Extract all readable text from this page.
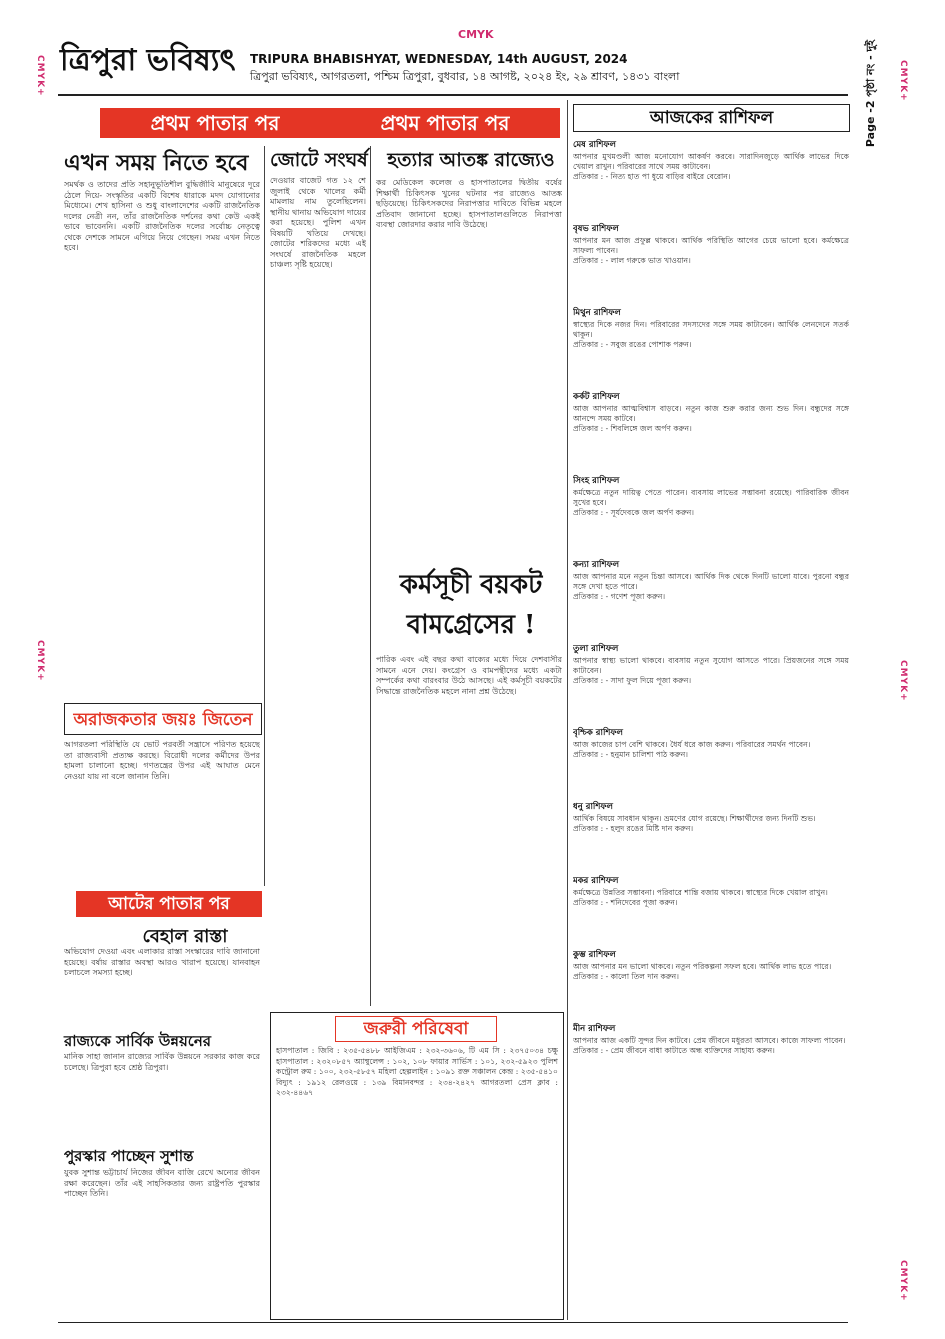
CMYK
CMYK+
CMYK+
CMYK+
CMYK+
CMYK+
ত্রিপুরা ভবিষ্যৎ TRIPURA BHABISHYAT, WEDNESDAY, 14th AUGUST, 2024
ত্রিপুরা ভবিষ্যৎ, আগরতলা, পশ্চিম ত্রিপুরা, বুধবার, ১৪ আগষ্ট, ২০২৪ ইং, ২৯ শ্রাবণ, ১৪৩১ বাংলা	Page -2 পৃষ্ঠা নং - দুই
প্রথম পাতার পর	প্রথম পাতার পর	আজকের রাশিফল
এখন সময় নিতে হবে
সমর্থক ও তাদের প্রতি সহানুভূতিশীল বুদ্ধিজীবি মানুষেরে দূরে ঠেলে দিয়ে- সংস্কৃতির একটি বিশেষ ধারাকে মদদ যোগানোর মিধ্যেমে। শেখ হাসিনা ও শুধু বাংলাদেশের একটি রাজনৈতিক দলের নেত্রী নন, তাঁর রাজনৈতিক দর্শনের কথা কেউ একই ভাবে ভাবেননি। একটি রাজনৈতিক দলের সর্বোচ্চ নেতৃত্বে থেকে দেশকে সামনে এগিয়ে নিয়ে গেছেন। সময় এখন নিতে হবে।
অরাজকতার জয়ঃ জিতেন
আগরতলা পরিস্থিতি যে ভোট পরবর্তী সন্ত্রাসে পরিণত হয়েছে তা রাজ্যবাসী প্রত্যক্ষ করছে। বিরোধী দলের কর্মীদের উপর হামলা চালানো হচ্ছে। গণতন্ত্রের উপর এই আঘাত মেনে নেওয়া যায় না বলে জানান তিনি।
আটের পাতার পর
বেহাল রাস্তা
অভিযোগ দেওয়া এবং এলাকার রাস্তা সংস্কারের দাবি জানানো হয়েছে। বর্ষায় রাস্তার অবস্থা আরও খারাপ হয়েছে। যানবাহন চলাচলে সমস্যা হচ্ছে।
রাজ্যকে সার্বিক উন্নয়নের
মানিক সাহা জানান রাজ্যের সার্বিক উন্নয়নে সরকার কাজ করে চলেছে। ত্রিপুরা হবে শ্রেষ্ঠ ত্রিপুরা।
পুরস্কার পাচ্ছেন সুশান্ত
যুবক সুশান্ত ভট্টাচার্য নিজের জীবন বাজি রেখে অন্যের জীবন রক্ষা করেছেন। তাঁর এই সাহসিকতার জন্য রাষ্ট্রপতি পুরস্কার পাচ্ছেন তিনি।
জোটে সংঘর্ষ
দেওয়ার বাজেট গত ১২ শে জুলাই থেকে খালের কর্মী মামলায় নাম তুলেছিলেন। স্থানীয় থানায় অভিযোগ দায়ের করা হয়েছে। পুলিশ এখন বিষয়টি খতিয়ে দেখছে। জোটের শরিকদের মধ্যে এই সংঘর্ষে রাজনৈতিক মহলে চাঞ্চল্য সৃষ্টি হয়েছে।
হত্যার আতঙ্ক রাজ্যেও
কর মেডিকেল কলেজ ও হাসপাতালের দ্বিতীয় বর্ষের শিক্ষার্থী চিকিৎসক খুনের ঘটনার পর রাজ্যেও আতঙ্ক ছড়িয়েছে। চিকিৎসকদের নিরাপত্তার দাবিতে বিভিন্ন মহলে প্রতিবাদ জানানো হচ্ছে। হাসপাতালগুলিতে নিরাপত্তা ব্যবস্থা জোরদার করার দাবি উঠেছে।
কর্মসূচী বয়কট বামগ্রেসের !
পারিক এবং এই বছর কথা বাক্যের মধ্যে দিয়ে দেশবাসীর সামনে এনে দেয়। কংগ্রেস ও বামপন্থীদের মধ্যে একটা সম্পর্কের কথা বারংবার উঠে আসছে। এই কর্মসূচী বয়কটের সিদ্ধান্তে রাজনৈতিক মহলে নানা প্রশ্ন উঠেছে।
জরুরী পরিষেবা
হাসপাতাল : জিবি : ২৩৫-৫৪৮৮ আইজিএম : ২৩২-৩৬০৬, টি এম সি : ২৩৭৫০৩৪ চক্ষু হাসপাতাল : ২৩২০৮৫৭ অ্যাম্বুলেন্স : ১০২, ১০৮ ফায়ার সার্ভিস : ১০১, ২৩২-৫৯২৩ পুলিশ কন্ট্রোল রুম : ১০০, ২৩২-৫৮৫৭ মহিলা হেল্পলাইন : ১০৯১ রক্ত সঞ্চালন কেন্দ্র : ২৩৫-৫৪১০ বিদ্যুৎ : ১৯১২ রেলওয়ে : ১৩৯ বিমানবন্দর : ২৩৪-২৪২৭ আগরতলা প্রেস ক্লাব : ২৩২-৪৪৬৭
মেষ রাশিফল
আপনার মুখমণ্ডলী আজ মনোযোগ আকর্ষণ করবে। সারাদিনজুড়ে আর্থিক লাভের দিকে খেয়াল রাখুন। পরিবারের সাথে সময় কাটাবেন।
প্রতিকার : - নিত্য হাত পা ধুয়ে বাড়ির বাইরে বেরোন।
বৃষভ রাশিফল
আপনার মন আজ প্রফুল্ল থাকবে। আর্থিক পরিস্থিতি আগের চেয়ে ভালো হবে। কর্মক্ষেত্রে সাফল্য পাবেন।
প্রতিকার : - লাল গরুকে ভাত খাওয়ান।
মিথুন রাশিফল
স্বাস্থ্যের দিকে নজর দিন। পরিবারের সদস্যদের সঙ্গে সময় কাটাবেন। আর্থিক লেনদেনে সতর্ক থাকুন।
প্রতিকার : - সবুজ রঙের পোশাক পরুন।
কর্কট রাশিফল
আজ আপনার আত্মবিশ্বাস বাড়বে। নতুন কাজ শুরু করার জন্য শুভ দিন। বন্ধুদের সঙ্গে আনন্দে সময় কাটবে।
প্রতিকার : - শিবলিঙ্গে জল অর্পণ করুন।
সিংহ রাশিফল
কর্মক্ষেত্রে নতুন দায়িত্ব পেতে পারেন। ব্যবসায় লাভের সম্ভাবনা রয়েছে। পারিবারিক জীবন সুখের হবে।
প্রতিকার : - সূর্যদেবকে জল অর্পণ করুন।
কন্যা রাশিফল
আজ আপনার মনে নতুন চিন্তা আসবে। আর্থিক দিক থেকে দিনটি ভালো যাবে। পুরনো বন্ধুর সঙ্গে দেখা হতে পারে।
প্রতিকার : - গণেশ পূজা করুন।
তুলা রাশিফল
আপনার স্বাস্থ্য ভালো থাকবে। ব্যবসায় নতুন সুযোগ আসতে পারে। প্রিয়জনের সঙ্গে সময় কাটাবেন।
প্রতিকার : - সাদা ফুল দিয়ে পূজা করুন।
বৃশ্চিক রাশিফল
আজ কাজের চাপ বেশি থাকবে। ধৈর্য ধরে কাজ করুন। পরিবারের সমর্থন পাবেন।
প্রতিকার : - হনুমান চালিশা পাঠ করুন।
ধনু রাশিফল
আর্থিক বিষয়ে সাবধান থাকুন। ভ্রমণের যোগ রয়েছে। শিক্ষার্থীদের জন্য দিনটি শুভ।
প্রতিকার : - হলুদ রঙের মিষ্টি দান করুন।
মকর রাশিফল
কর্মক্ষেত্রে উন্নতির সম্ভাবনা। পরিবারে শান্তি বজায় থাকবে। স্বাস্থ্যের দিকে খেয়াল রাখুন।
প্রতিকার : - শনিদেবের পূজা করুন।
কুম্ভ রাশিফল
আজ আপনার মন ভালো থাকবে। নতুন পরিকল্পনা সফল হবে। আর্থিক লাভ হতে পারে।
প্রতিকার : - কালো তিল দান করুন।
মীন রাশিফল
আপনার আজ একটি সুন্দর দিন কাটবে। প্রেম জীবনে মধুরতা আসবে। কাজে সাফল্য পাবেন।
প্রতিকার : - প্রেম জীবনে বাধা কাটাতে অন্ধ ব্যক্তিদের সাহায্য করুন।
